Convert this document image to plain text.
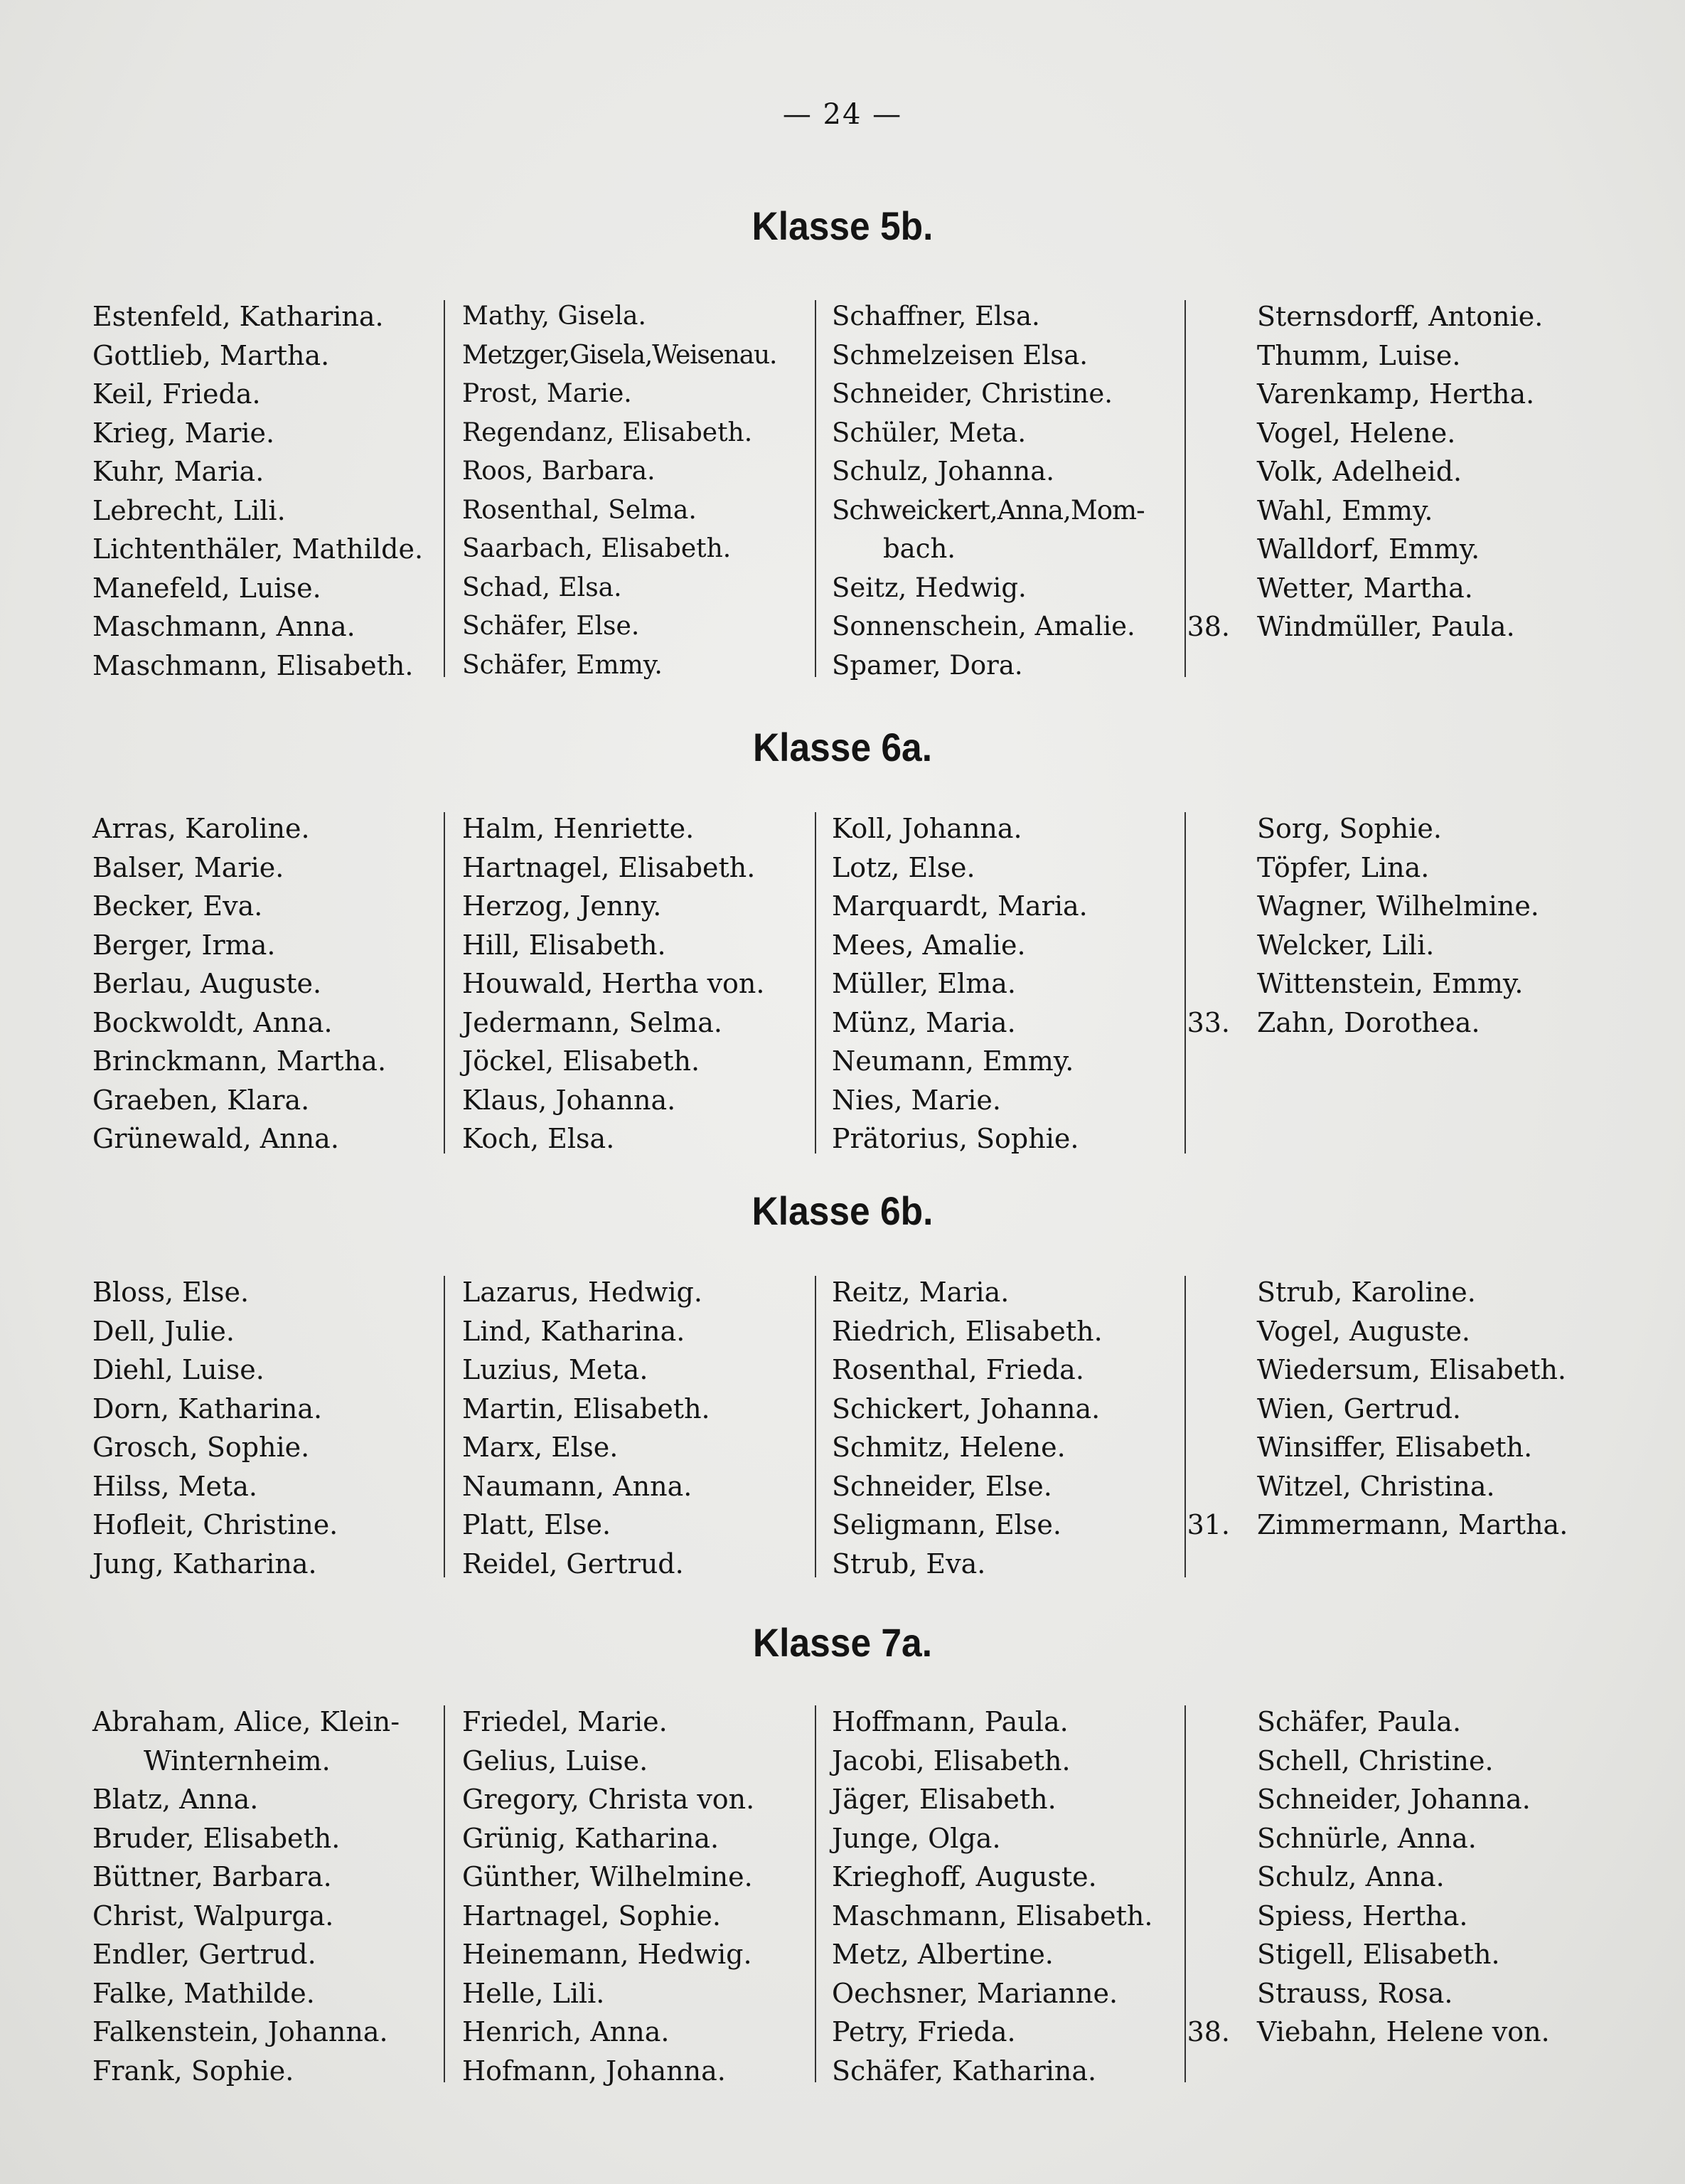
— 24 —
Klasse 5b.
Estenfeld, Katharina.
Gottlieb, Martha.
Keil, Frieda.
Krieg, Marie.
Kuhr, Maria.
Lebrecht, Lili.
Lichtenthäler, Mathilde.
Manefeld, Luise.
Maschmann, Anna.
Maschmann, Elisabeth.
Mathy, Gisela.
Metzger,Gisela,Weisenau.
Prost, Marie.
Regendanz, Elisabeth.
Roos, Barbara.
Rosenthal, Selma.
Saarbach, Elisabeth.
Schad, Elsa.
Schäfer, Else.
Schäfer, Emmy.
Schaffner, Elsa.
Schmelzeisen Elsa.
Schneider, Christine.
Schüler, Meta.
Schulz, Johanna.
Schweickert,Anna,Mom-
bach.
Seitz, Hedwig.
Sonnenschein, Amalie.
Spamer, Dora.
38.
Sternsdorff, Antonie.
Thumm, Luise.
Varenkamp, Hertha.
Vogel, Helene.
Volk, Adelheid.
Wahl, Emmy.
Walldorf, Emmy.
Wetter, Martha.
Windmüller, Paula.
Klasse 6a.
Arras, Karoline.
Balser, Marie.
Becker, Eva.
Berger, Irma.
Berlau, Auguste.
Bockwoldt, Anna.
Brinckmann, Martha.
Graeben, Klara.
Grünewald, Anna.
Halm, Henriette.
Hartnagel, Elisabeth.
Herzog, Jenny.
Hill, Elisabeth.
Houwald, Hertha von.
Jedermann, Selma.
Jöckel, Elisabeth.
Klaus, Johanna.
Koch, Elsa.
Koll, Johanna.
Lotz, Else.
Marquardt, Maria.
Mees, Amalie.
Müller, Elma.
Münz, Maria.
Neumann, Emmy.
Nies, Marie.
Prätorius, Sophie.
33.
Sorg, Sophie.
Töpfer, Lina.
Wagner, Wilhelmine.
Welcker, Lili.
Wittenstein, Emmy.
Zahn, Dorothea.
Klasse 6b.
Bloss, Else.
Dell, Julie.
Diehl, Luise.
Dorn, Katharina.
Grosch, Sophie.
Hilss, Meta.
Hofleit, Christine.
Jung, Katharina.
Lazarus, Hedwig.
Lind, Katharina.
Luzius, Meta.
Martin, Elisabeth.
Marx, Else.
Naumann, Anna.
Platt, Else.
Reidel, Gertrud.
Reitz, Maria.
Riedrich, Elisabeth.
Rosenthal, Frieda.
Schickert, Johanna.
Schmitz, Helene.
Schneider, Else.
Seligmann, Else.
Strub, Eva.
31.
Strub, Karoline.
Vogel, Auguste.
Wiedersum, Elisabeth.
Wien, Gertrud.
Winsiffer, Elisabeth.
Witzel, Christina.
Zimmermann, Martha.
Klasse 7a.
Abraham, Alice, Klein-
Winternheim.
Blatz, Anna.
Bruder, Elisabeth.
Büttner, Barbara.
Christ, Walpurga.
Endler, Gertrud.
Falke, Mathilde.
Falkenstein, Johanna.
Frank, Sophie.
Friedel, Marie.
Gelius, Luise.
Gregory, Christa von.
Grünig, Katharina.
Günther, Wilhelmine.
Hartnagel, Sophie.
Heinemann, Hedwig.
Helle, Lili.
Henrich, Anna.
Hofmann, Johanna.
Hoffmann, Paula.
Jacobi, Elisabeth.
Jäger, Elisabeth.
Junge, Olga.
Krieghoff, Auguste.
Maschmann, Elisabeth.
Metz, Albertine.
Oechsner, Marianne.
Petry, Frieda.
Schäfer, Katharina.
38.
Schäfer, Paula.
Schell, Christine.
Schneider, Johanna.
Schnürle, Anna.
Schulz, Anna.
Spiess, Hertha.
Stigell, Elisabeth.
Strauss, Rosa.
Viebahn, Helene von.
